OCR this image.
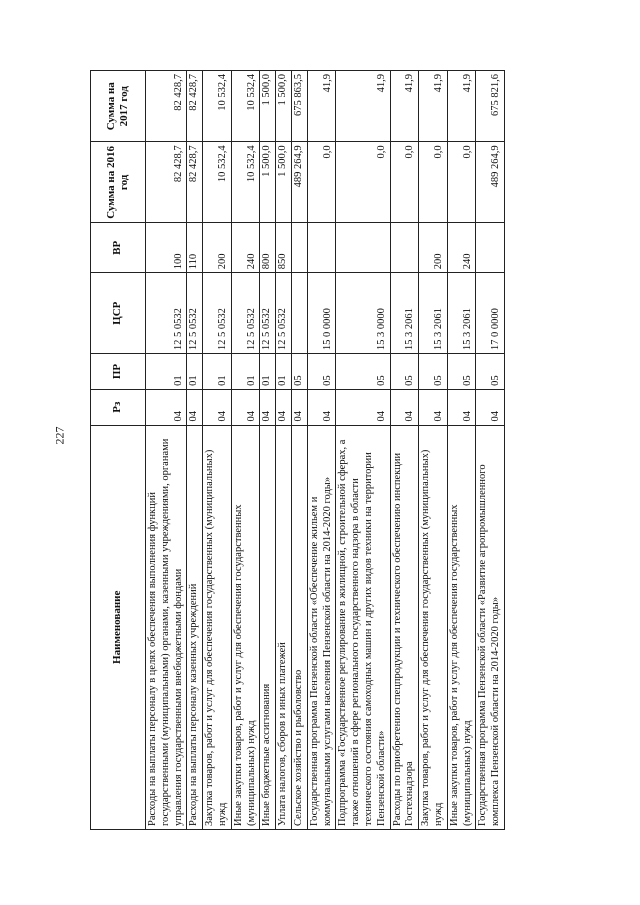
227
Наименование	Рз	ПР	ЦСР	ВР	Сумма на 2016 год	Сумма на 2017 год
Расходы на выплаты персоналу в целях обеспечения выполнения функций государственными (муниципальными) органами, казенными учреждениями, органами управления государственными внебюджетными фондами	04	01	12 5 0532	100	82 428,7	82 428,7
Расходы на выплаты персоналу казенных учреждений	04	01	12 5 0532	110	82 428,7	82 428,7
Закупка товаров, работ и услуг для обеспечения государственных (муниципальных) нужд	04	01	12 5 0532	200	10 532,4	10 532,4
Иные закупки товаров, работ и услуг для обеспечения государственных (муниципальных) нужд	04	01	12 5 0532	240	10 532,4	10 532,4
Иные бюджетные ассигнования	04	01	12 5 0532	800	1 500,0	1 500,0
Уплата налогов, сборов и иных платежей	04	01	12 5 0532	850	1 500,0	1 500,0
Сельское хозяйство и рыболовство	04	05			489 264,9	675 863,5
Государственная программа Пензенской области «Обеспечение жильем и коммунальными услугами населения Пензенской области на 2014-2020 годы»	04	05	15 0 0000		0,0	41,9
Подпрограмма «Государственное регулирование в жилищной, строительной сферах, а также отношений в сфере регионального государственного надзора в области технического состояния самоходных машин и других видов техники на территории Пензенской области»	04	05	15 3 0000		0,0	41,9
Расходы по приобретению спецпродукции и технического обеспечению инспекции Гостехнадзора	04	05	15 3 2061		0,0	41,9
Закупка товаров, работ и услуг для обеспечения государственных (муниципальных) нужд	04	05	15 3 2061	200	0,0	41,9
Иные закупки товаров, работ и услуг для обеспечения государственных (муниципальных) нужд	04	05	15 3 2061	240	0,0	41,9
Государственная программа Пензенской области «Развитие агропромышленного комплекса Пензенской области на 2014-2020 годы»	04	05	17 0 0000		489 264,9	675 821,6
